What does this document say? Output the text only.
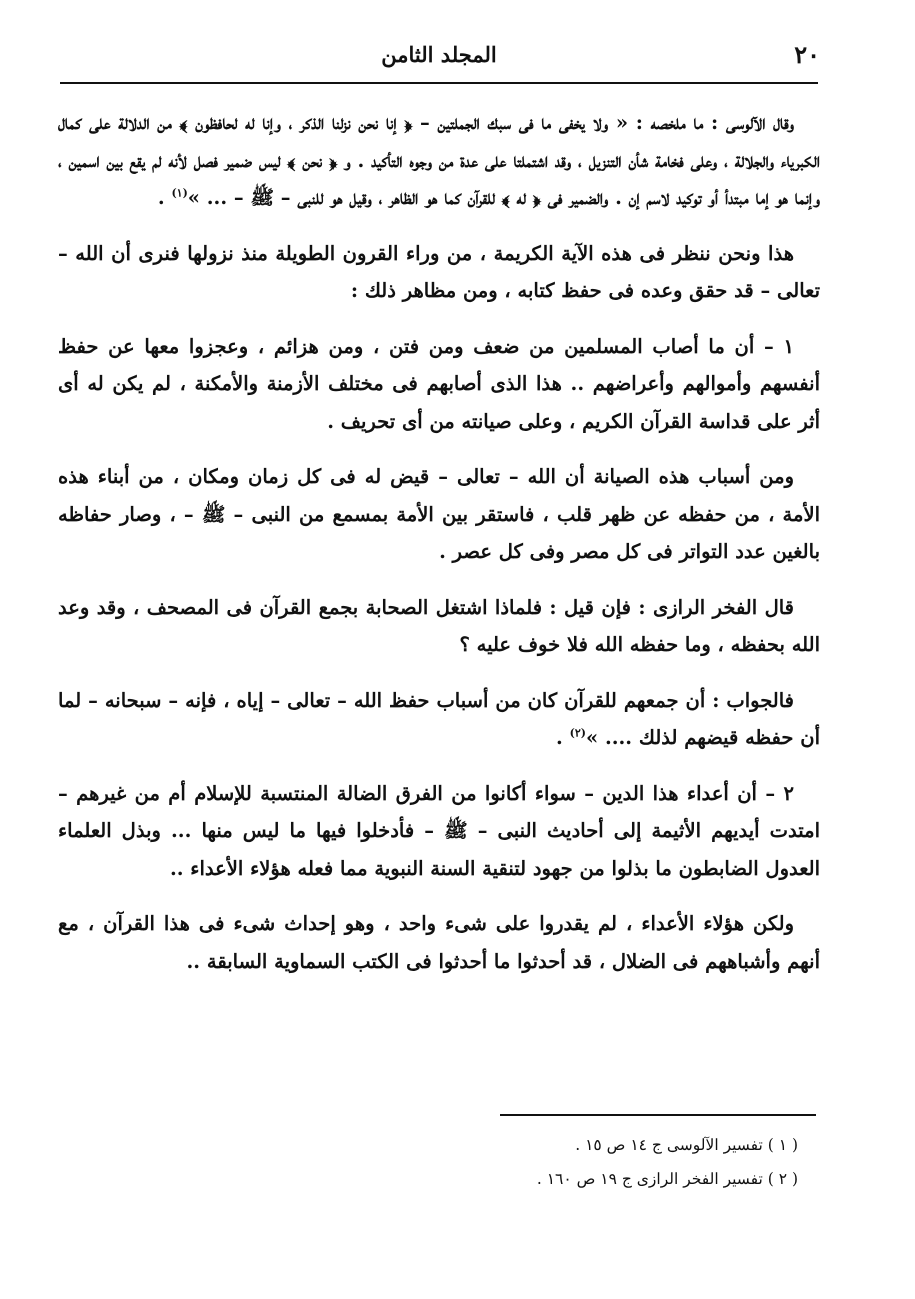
٢٠
المجلد الثامن

وقال الآلوسى : ما ملخصه : « ولا يخفى ما فى سبك الجملتين – ﴿ إنا نحن نزلنا الذكر ، وإنا له لحافظون ﴾ من الدلالة على كمال الكبرياء والجلالة ، وعلى فخامة شأن التنزيل ، وقد اشتملتا على عدة من وجوه التأكيد . و ﴿ نحن ﴾ ليس ضمير فصل لأنه لم يقع بين اسمين ، وإنما هو إما مبتدأ أو توكيد لاسم إن . والضمير فى ﴿ له ﴾ للقرآن كما هو الظاهر ، وقيل هو للنبى – ﷺ – ... »$^{(١)}$ .

هذا ونحن ننظر فى هذه الآية الكريمة ، من وراء القرون الطويلة منذ نزولها فنرى أن الله – تعالى – قد حقق وعده فى حفظ كتابه ، ومن مظاهر ذلك :

١ – أن ما أصاب المسلمين من ضعف ومن فتن ، ومن هزائم ، وعجزوا معها عن حفظ أنفسهم وأموالهم وأعراضهم .. هذا الذى أصابهم فى مختلف الأزمنة والأمكنة ، لم يكن له أى أثر على قداسة القرآن الكريم ، وعلى صيانته من أى تحريف .

ومن أسباب هذه الصيانة أن الله – تعالى – قيض له فى كل زمان ومكان ، من أبناء هذه الأمة ، من حفظه عن ظهر قلب ، فاستقر بين الأمة بمسمع من النبى – ﷺ – ، وصار حفاظه بالغين عدد التواتر فى كل مصر وفى كل عصر .

قال الفخر الرازى : فإن قيل : فلماذا اشتغل الصحابة بجمع القرآن فى المصحف ، وقد وعد الله بحفظه ، وما حفظه الله فلا خوف عليه ؟

فالجواب : أن جمعهم للقرآن كان من أسباب حفظ الله – تعالى – إياه ، فإنه – سبحانه – لما أن حفظه قيضهم لذلك .... »$^{(٢)}$ .

٢ – أن أعداء هذا الدين – سواء أكانوا من الفرق الضالة المنتسبة للإسلام أم من غيرهم – امتدت أيديهم الأثيمة إلى أحاديث النبى – ﷺ – فأدخلوا فيها ما ليس منها ... وبذل العلماء العدول الضابطون ما بذلوا من جهود لتنقية السنة النبوية مما فعله هؤلاء الأعداء ..

ولكن هؤلاء الأعداء ، لم يقدروا على شىء واحد ، وهو إحداث شىء فى هذا القرآن ، مع أنهم وأشباههم فى الضلال ، قد أحدثوا ما أحدثوا فى الكتب السماوية السابقة ..

( ١ ) تفسير الآلوسى ج ١٤ ص ١٥ .

( ٢ ) تفسير الفخر الرازى ج ١٩ ص ١٦٠ .
